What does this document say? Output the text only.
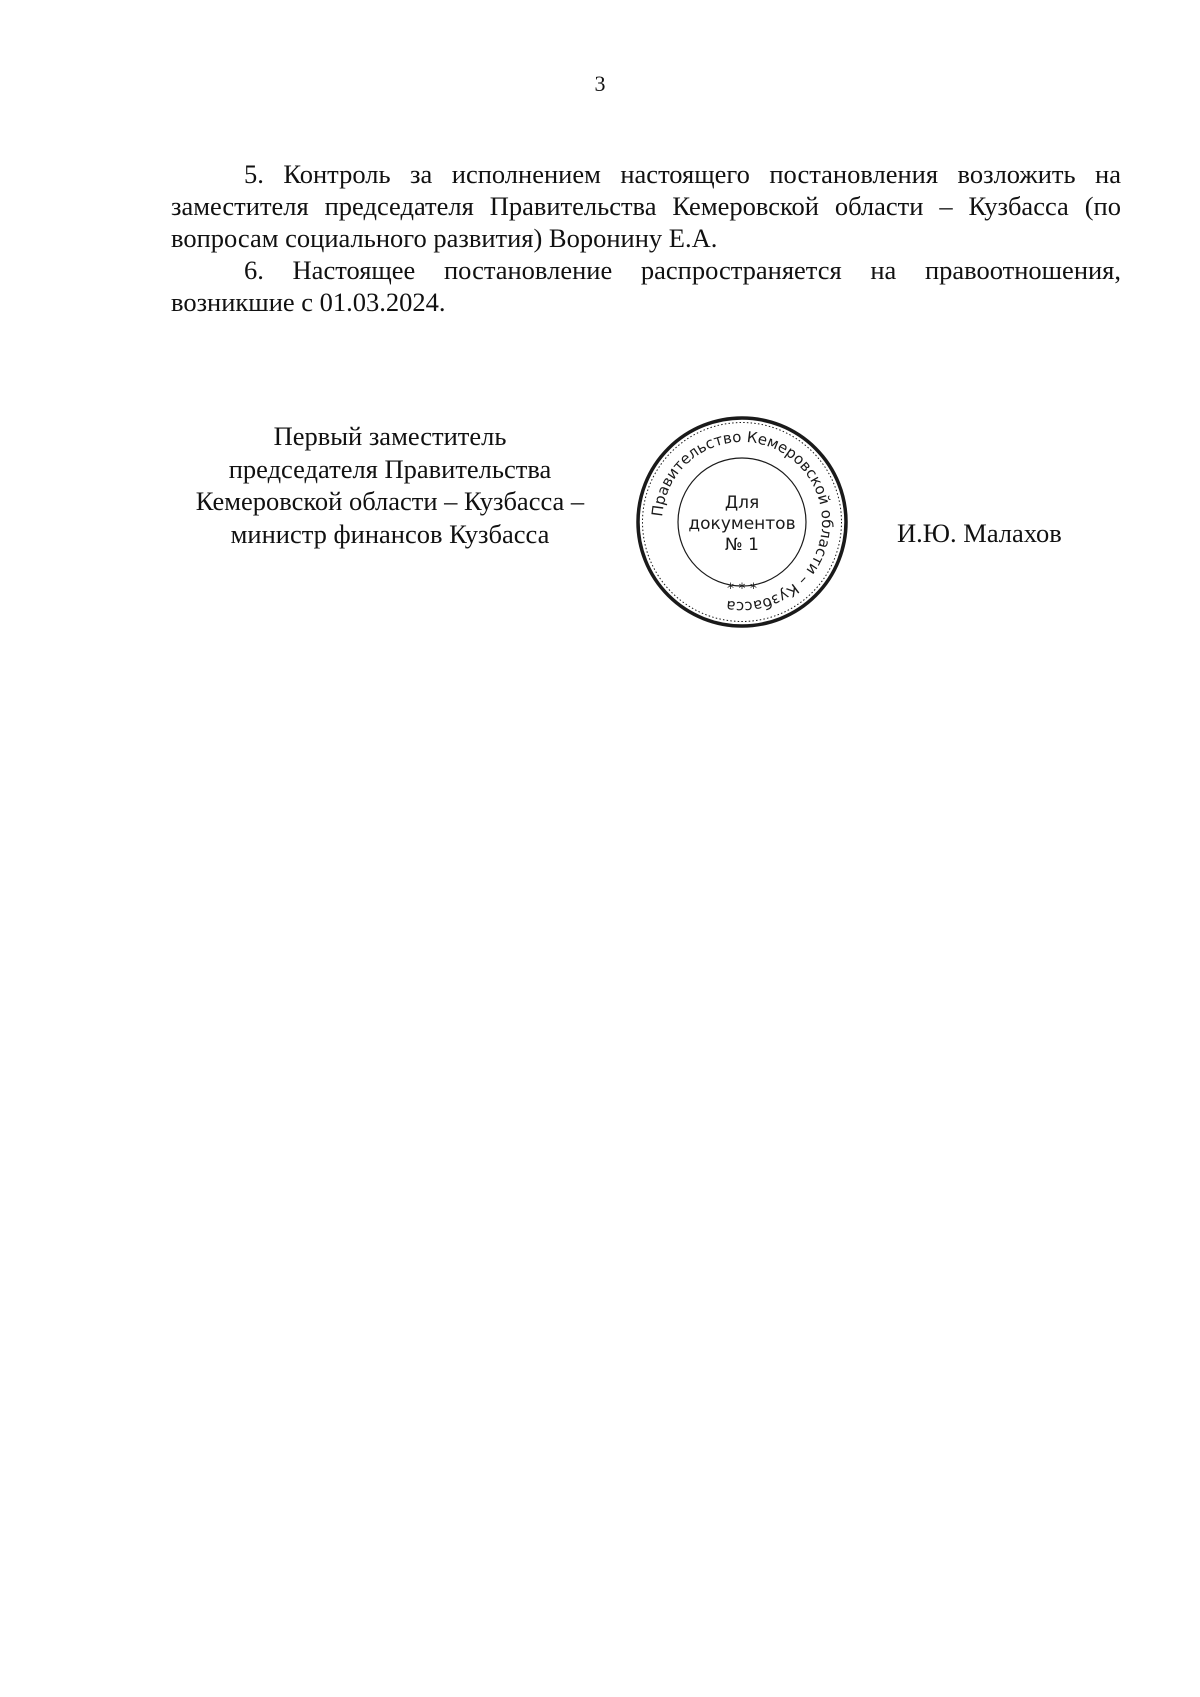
3

5. Контроль за исполнением настоящего постановления возложить на заместителя председателя Правительства Кемеровской области – Кузбасса (по вопросам социального развития) Воронину Е.А.

6. Настоящее постановление распространяется на правоотношения, возникшие с 01.03.2024.

Первый заместитель
председателя Правительства
Кемеровской области – Кузбасса –
министр финансов Кузбасса
Правительство Кемеровской области – Кузбасса
* * *
Для
документов
№ 1	И.Ю. Малахов
